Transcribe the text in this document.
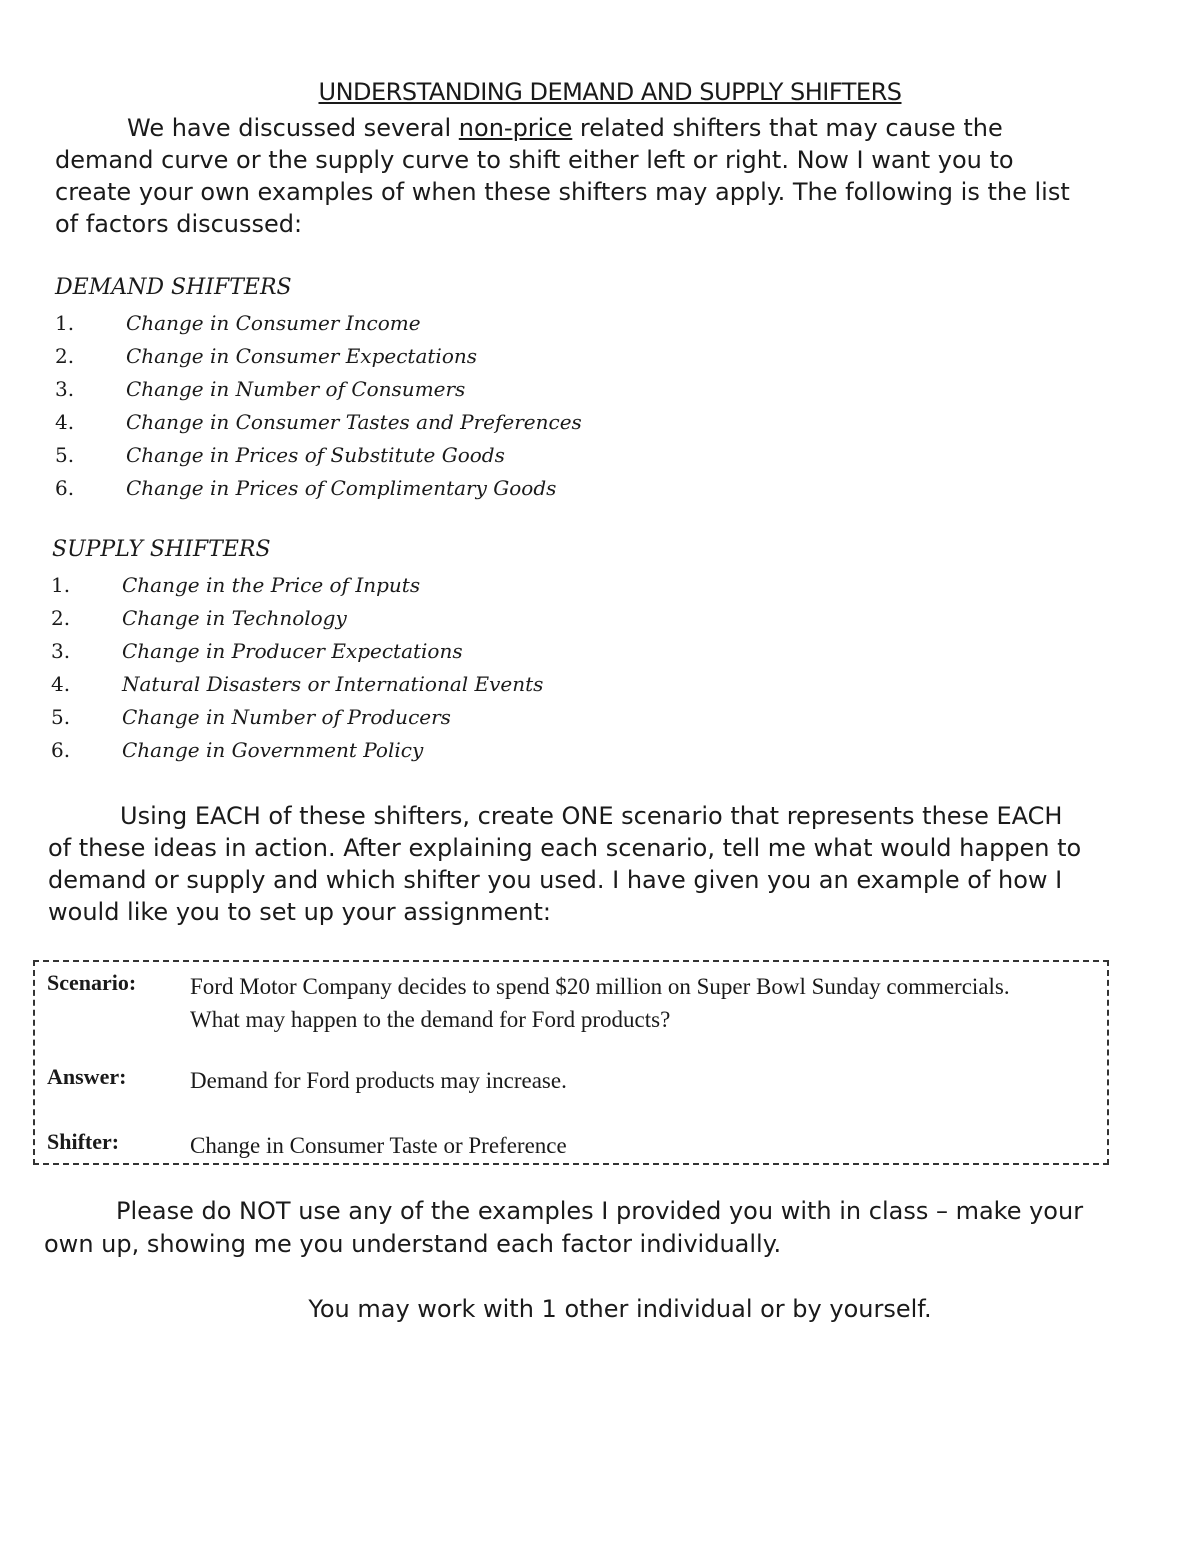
UNDERSTANDING DEMAND AND SUPPLY SHIFTERS

We have discussed several non-price related shifters that may cause the demand curve or the supply curve to shift either left or right. Now I want you to create your own examples of when these shifters may apply. The following is the list of factors discussed:

DEMAND SHIFTERS
1.	Change in Consumer Income
2.	Change in Consumer Expectations
3.	Change in Number of Consumers
4.	Change in Consumer Tastes and Preferences
5.	Change in Prices of Substitute Goods
6.	Change in Prices of Complimentary Goods
SUPPLY SHIFTERS
1.	Change in the Price of Inputs
2.	Change in Technology
3.	Change in Producer Expectations
4.	Natural Disasters or International Events
5.	Change in Number of Producers
6.	Change in Government Policy

Using EACH of these shifters, create ONE scenario that represents these EACH of these ideas in action. After explaining each scenario, tell me what would happen to demand or supply and which shifter you used. I have given you an example of how I would like you to set up your assignment:

Scenario: Ford Motor Company decides to spend $20 million on Super Bowl Sunday commercials. What may happen to the demand for Ford products?
Answer:	Demand for Ford products may increase.
Shifter:	Change in Consumer Taste or Preference

Please do NOT use any of the examples I provided you with in class – make your own up, showing me you understand each factor individually.

You may work with 1 other individual or by yourself.
